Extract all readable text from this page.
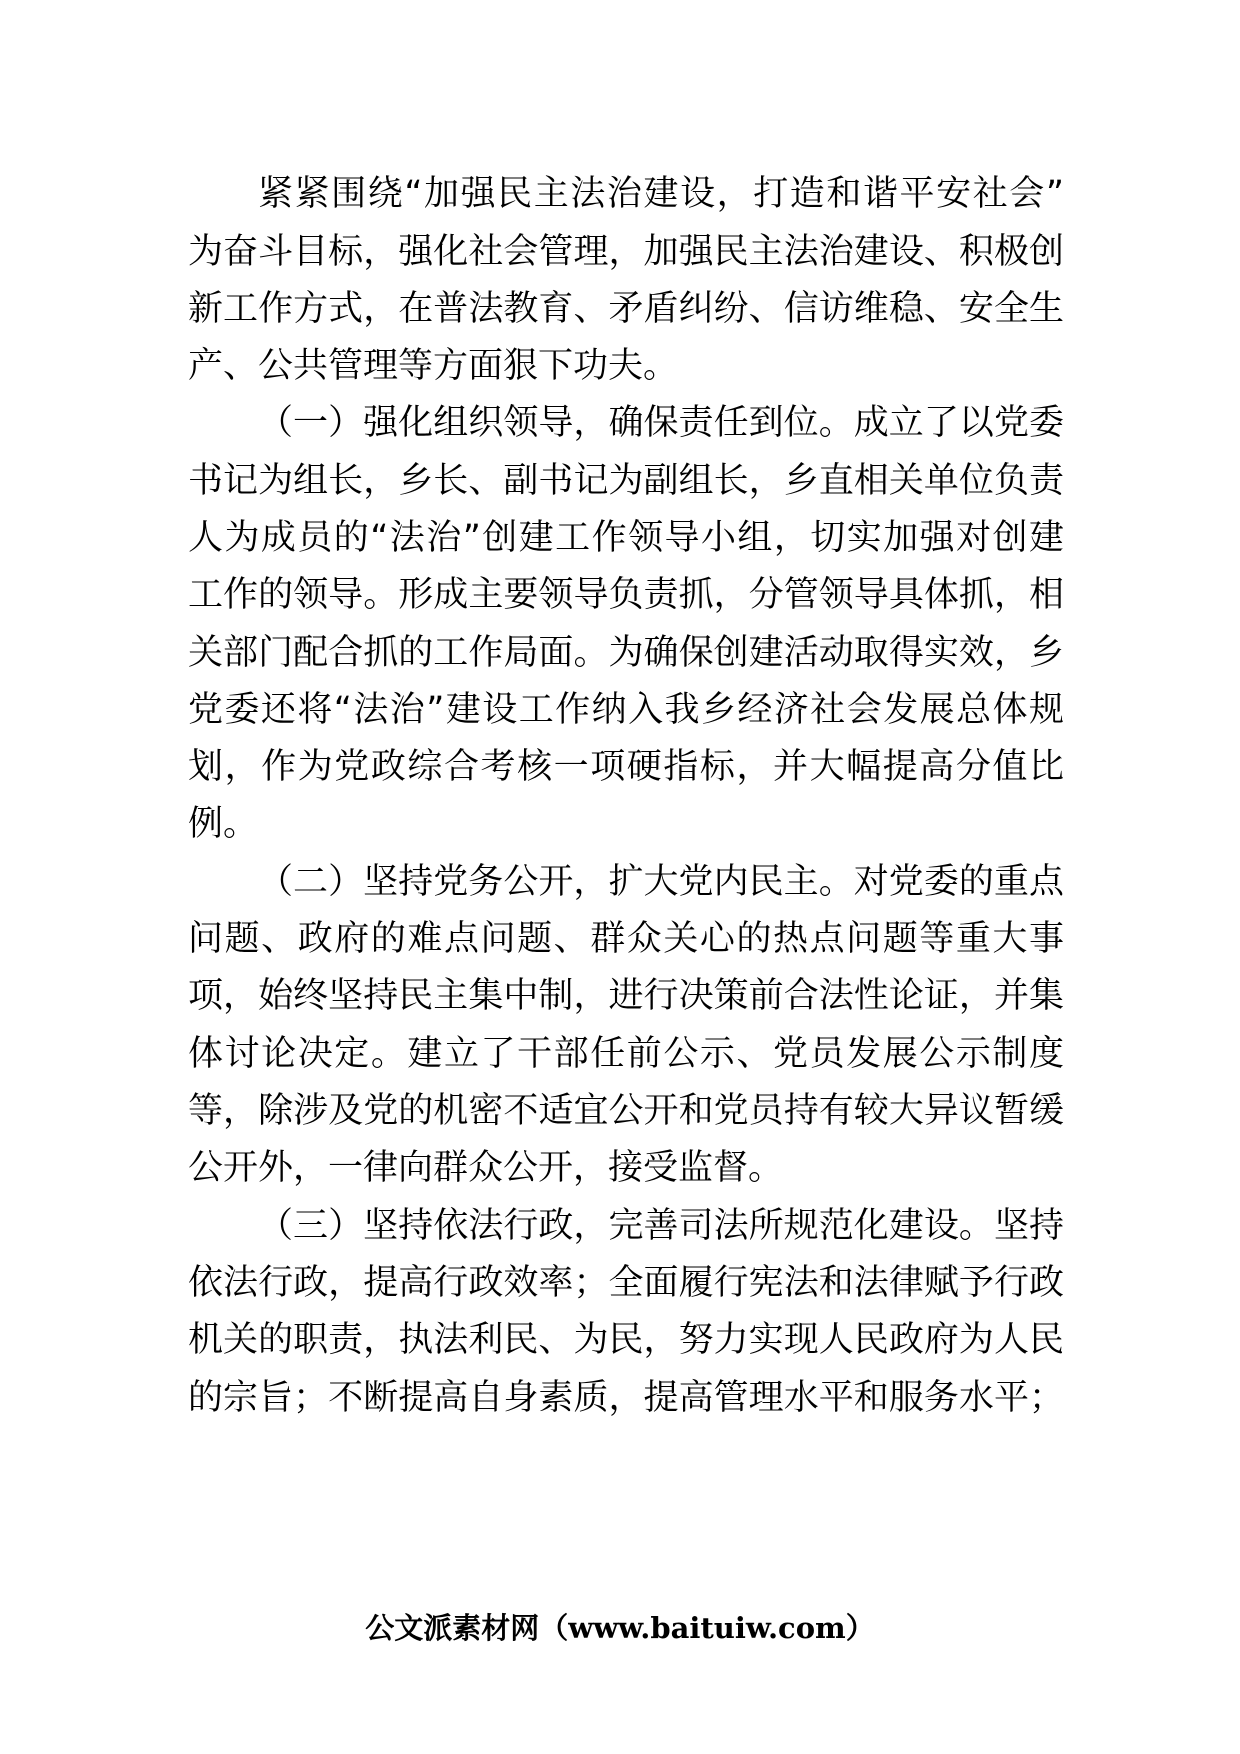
紧紧围绕“加强民主法治建设，打造和谐平安社会”
为奋斗目标，强化社会管理，加强民主法治建设、积极创
新工作方式，在普法教育、矛盾纠纷、信访维稳、安全生
产、公共管理等方面狠下功夫。
（一）强化组织领导，确保责任到位。成立了以党委
书记为组长，乡长、副书记为副组长，乡直相关单位负责
人为成员的“法治”创建工作领导小组，切实加强对创建
工作的领导。形成主要领导负责抓，分管领导具体抓，相
关部门配合抓的工作局面。为确保创建活动取得实效，乡
党委还将“法治”建设工作纳入我乡经济社会发展总体规
划，作为党政综合考核一项硬指标，并大幅提高分值比
例。
（二）坚持党务公开，扩大党内民主。对党委的重点
问题、政府的难点问题、群众关心的热点问题等重大事
项，始终坚持民主集中制，进行决策前合法性论证，并集
体讨论决定。建立了干部任前公示、党员发展公示制度
等，除涉及党的机密不适宜公开和党员持有较大异议暂缓
公开外，一律向群众公开，接受监督。
（三）坚持依法行政，完善司法所规范化建设。坚持
依法行政，提高行政效率；全面履行宪法和法律赋予行政
机关的职责，执法利民、为民，努力实现人民政府为人民
的宗旨；不断提高自身素质，提高管理水平和服务水平；
公文派素材网（www.baituiw.com）
